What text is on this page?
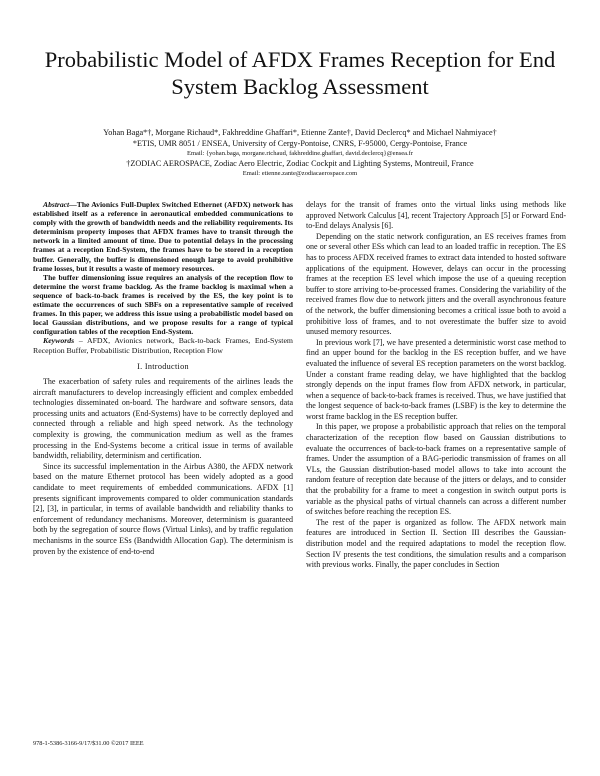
Probabilistic Model of AFDX Frames Reception for End System Backlog Assessment
Yohan Baga*†, Morgane Richaud*, Fakhreddine Ghaffari*, Etienne Zante†, David Declercq* and Michael Nahmiyace†
*ETIS, UMR 8051 / ENSEA, University of Cergy-Pontoise, CNRS, F-95000, Cergy-Pontoise, France
Email: {yohan.baga, morgane.richaud, fakhreddine.ghaffari, david.declercq}@ensea.fr
†ZODIAC AEROSPACE, Zodiac Aero Electric, Zodiac Cockpit and Lighting Systems, Montreuil, France
Email: etienne.zante@zodiacaerospace.com

Abstract—The Avionics Full-Duplex Switched Ethernet (AFDX) network has established itself as a reference in aeronautical embedded communications to comply with the growth of bandwidth needs and the reliability requirements. Its determinism property imposes that AFDX frames have to transit through the network in a limited amount of time. Due to potential delays in the processing frames at a reception End-System, the frames have to be stored in a reception buffer. Generally, the buffer is dimensioned enough large to avoid prohibitive frame losses, but it results a waste of memory resources.

The buffer dimensioning issue requires an analysis of the reception flow to determine the worst frame backlog. As the frame backlog is maximal when a sequence of back-to-back frames is received by the ES, the key point is to estimate the occurrences of such SBFs on a representative sample of received frames. In this paper, we address this issue using a probabilistic model based on local Gaussian distributions, and we propose results for a range of typical configuration tables of the reception End-System.

Keywords – AFDX, Avionics network, Back-to-back Frames, End-System Reception Buffer, Probabilistic Distribution, Reception Flow

I. Introduction

The exacerbation of safety rules and requirements of the airlines leads the aircraft manufacturers to develop increasingly efficient and complex embedded technologies disseminated on-board. The hardware and software sensors, data processing units and actuators (End-Systems) have to be correctly deployed and connected through a reliable and high speed network. As the technology complexity is growing, the communication medium as well as the frames processing in the End-Systems become a critical issue in terms of available bandwidth, reliability, determinism and certification.

Since its successful implementation in the Airbus A380, the AFDX network based on the mature Ethernet protocol has been widely adopted as a good candidate to meet requirements of embedded communications. AFDX [1] presents significant improvements compared to older communication standards [2], [3], in particular, in terms of available bandwidth and reliability thanks to enforcement of redundancy mechanisms. Moreover, determinism is guaranteed both by the segregation of source flows (Virtual Links), and by traffic regulation mechanisms in the source ESs (Bandwidth Allocation Gap). The determinism is proven by the existence of end-to-end

delays for the transit of frames onto the virtual links using methods like approved Network Calculus [4], recent Trajectory Approach [5] or Forward End-to-End delays Analysis [6].

Depending on the static network configuration, an ES receives frames from one or several other ESs which can lead to an loaded traffic in reception. The ES has to process AFDX received frames to extract data intended to hosted software applications of the equipment. However, delays can occur in the processing frames at the reception ES level which impose the use of a queuing reception buffer to store arriving to-be-processed frames. Considering the variability of the received frames flow due to network jitters and the overall asynchronous feature of the network, the buffer dimensioning becomes a critical issue both to avoid a prohibitive loss of frames, and to not overestimate the buffer size to avoid unused memory resources.

In previous work [7], we have presented a deterministic worst case method to find an upper bound for the backlog in the ES reception buffer, and we have evaluated the influence of several ES reception parameters on the worst backlog. Under a constant frame reading delay, we have highlighted that the backlog strongly depends on the input frames flow from AFDX network, in particular, when a sequence of back-to-back frames is received. Thus, we have justified that the longest sequence of back-to-back frames (LSBF) is the key to determine the worst frame backlog in the ES reception buffer.

In this paper, we propose a probabilistic approach that relies on the temporal characterization of the reception flow based on Gaussian distributions to evaluate the occurrences of back-to-back frames on a representative sample of frames. Under the assumption of a BAG-periodic transmission of frames on all VLs, the Gaussian distribution-based model allows to take into account the random feature of reception date because of the jitters or delays, and to consider that the probability for a frame to meet a congestion in switch output ports is variable as the physical paths of virtual channels can across a different number of switches before reaching the reception ES.

The rest of the paper is organized as follow. The AFDX network main features are introduced in Section II. Section III describes the Gaussian-distribution model and the required adaptations to model the reception flow. Section IV presents the test conditions, the simulation results and a comparison with previous works. Finally, the paper concludes in Section

978-1-5386-3166-9/17/$31.00 ©2017 IEEE
